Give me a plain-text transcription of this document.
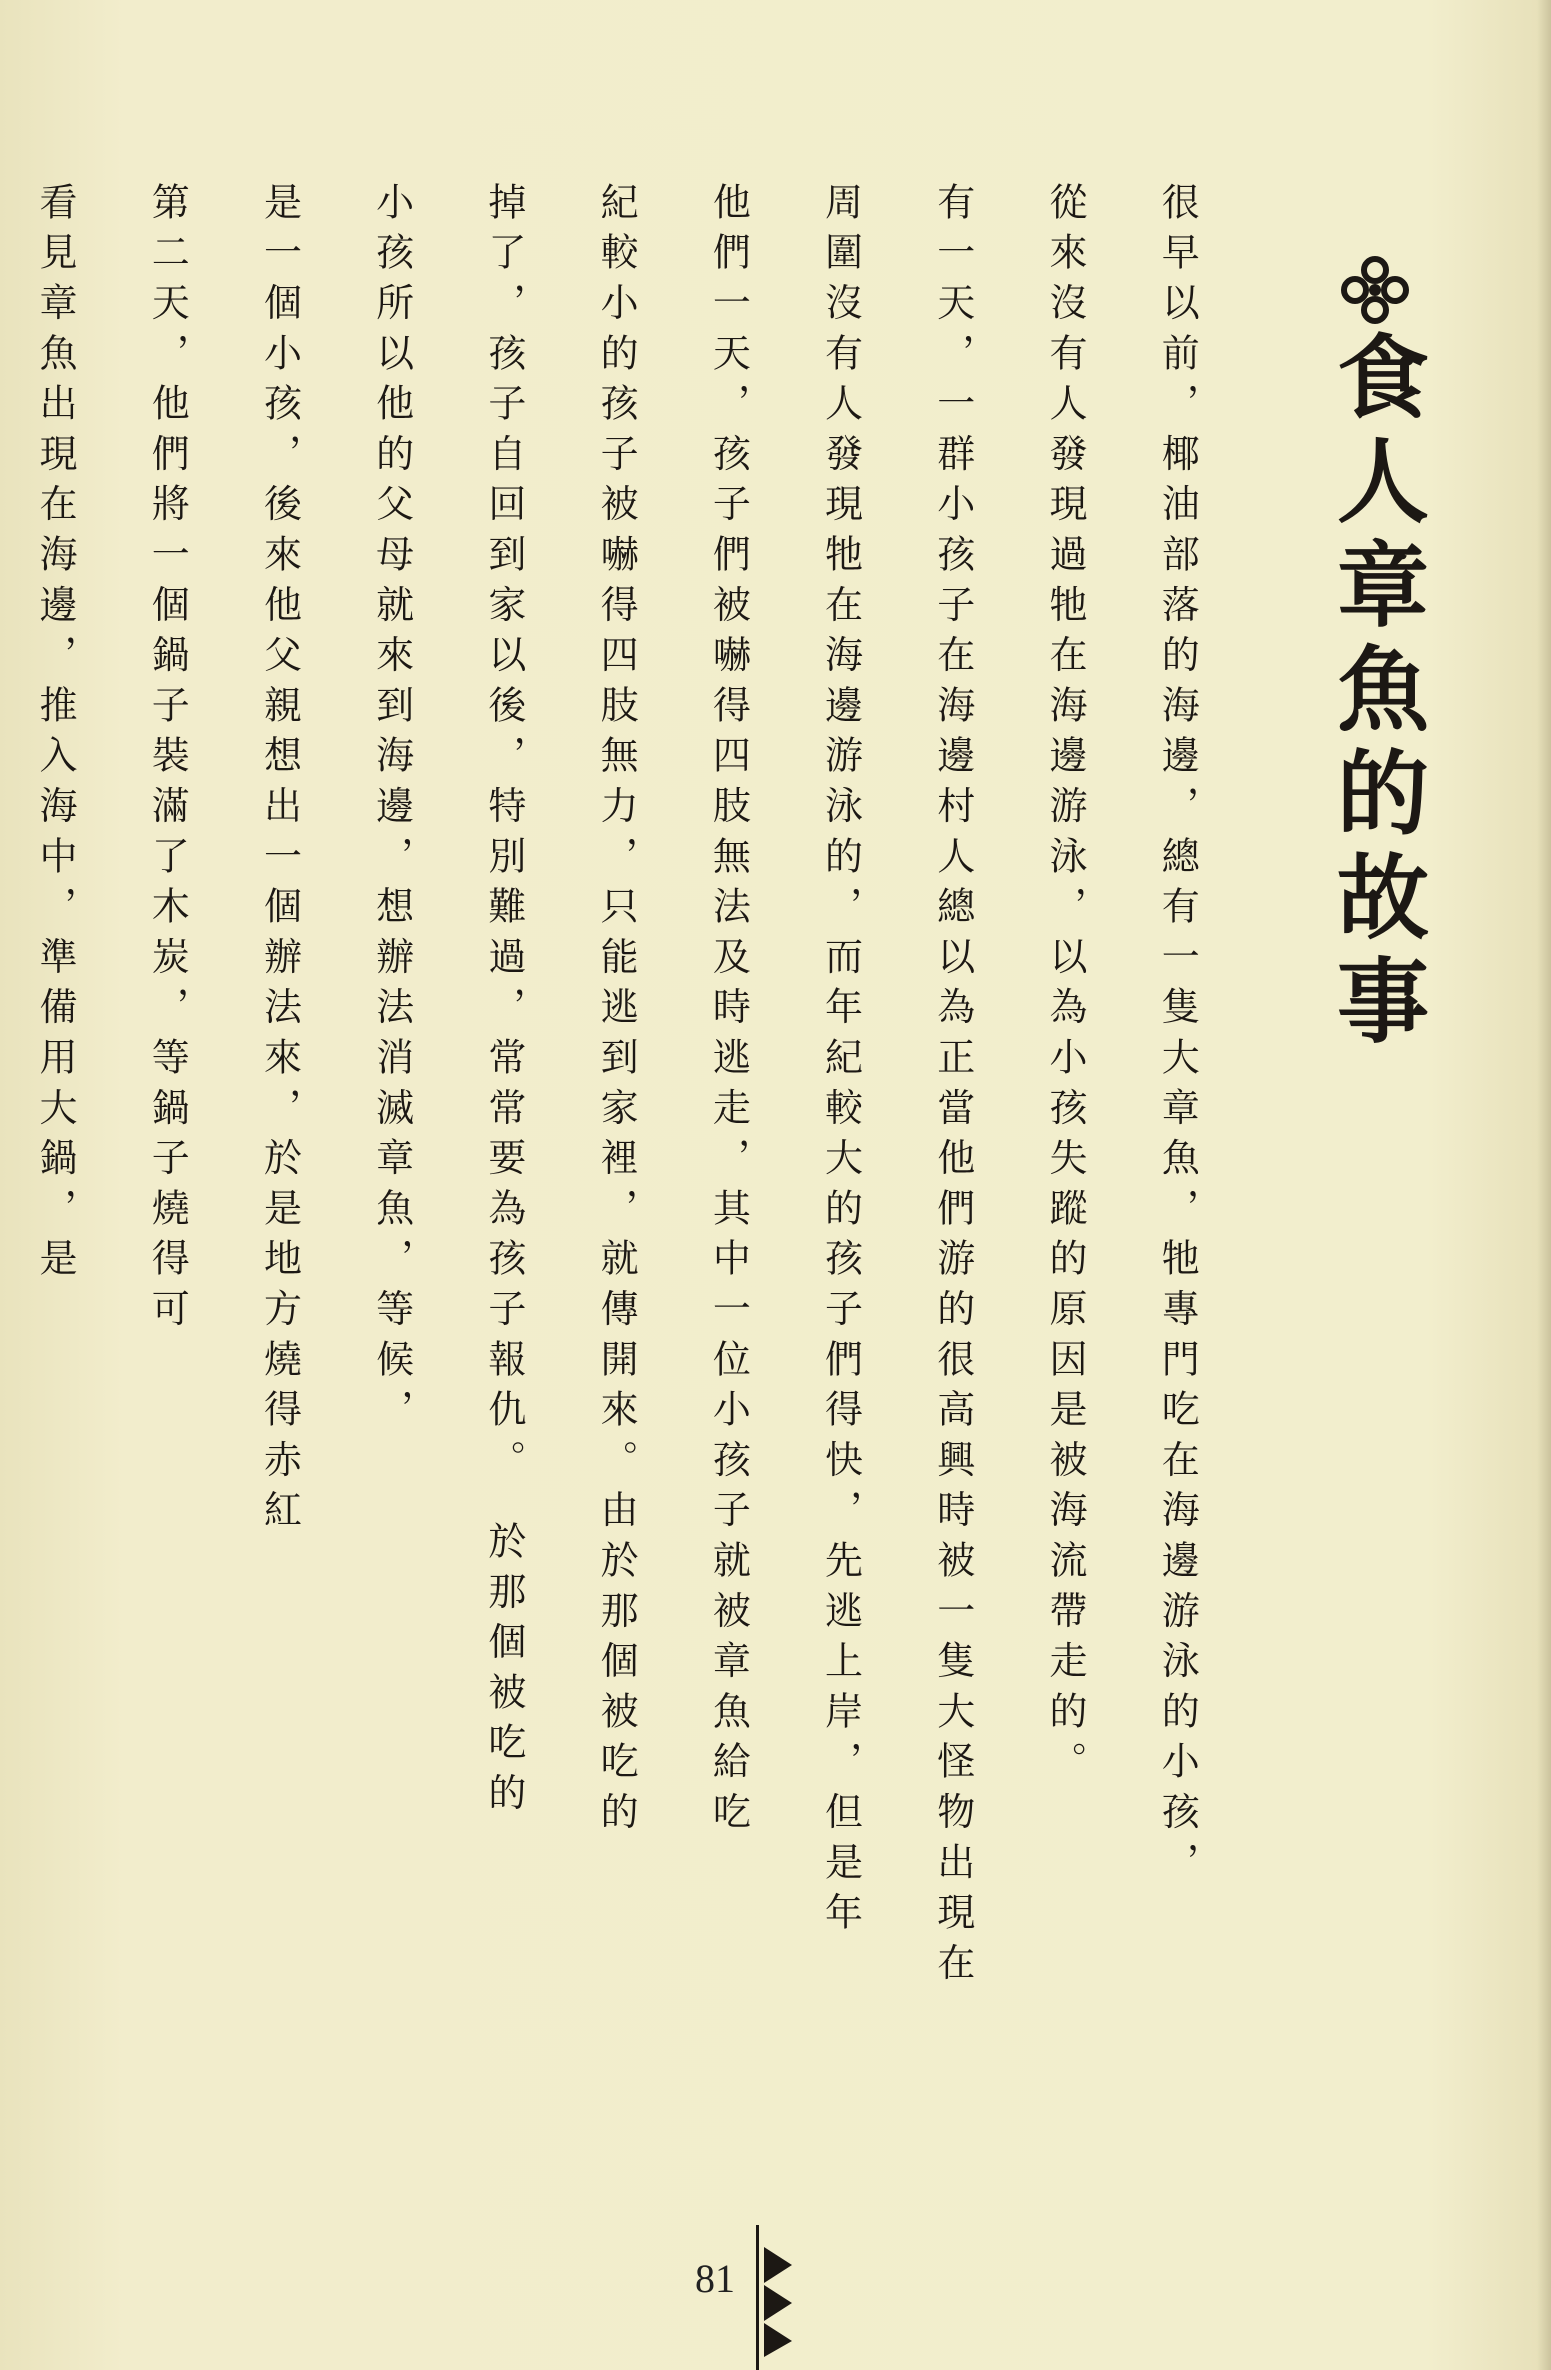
食人章魚的故事

很早以前，椰油部落的海邊，總有一隻大章魚，牠專門吃在海邊游泳的小孩，

從來沒有人發現過牠在海邊游泳，以為小孩失蹤的原因是被海流帶走的。

有一天，一群小孩子在海邊村人總以為正當他們游的很高興時被一隻大怪物出現在

周圍沒有人發現牠在海邊游泳的，而年紀較大的孩子們得快，先逃上岸，但是年

他們一天，孩子們被嚇得四肢無法及時逃走，其中一位小孩子就被章魚給吃

紀較小的孩子被嚇得四肢無力，只能逃到家裡，就傳開來。由於那個被吃的

掉了，孩子自回到家以後，特別難過，常常要為孩子報仇。　於那個被吃的

小孩所以他的父母就來到海邊，想辦法消滅章魚，等候，　

是一個小孩，後來他父親想出一個辦法來，於是地方燒得赤紅

第二天，他們將一個鍋子裝滿了木炭，等鍋子燒得可

看見章魚出現在海邊，推入海中，準備用大鍋，是

81
